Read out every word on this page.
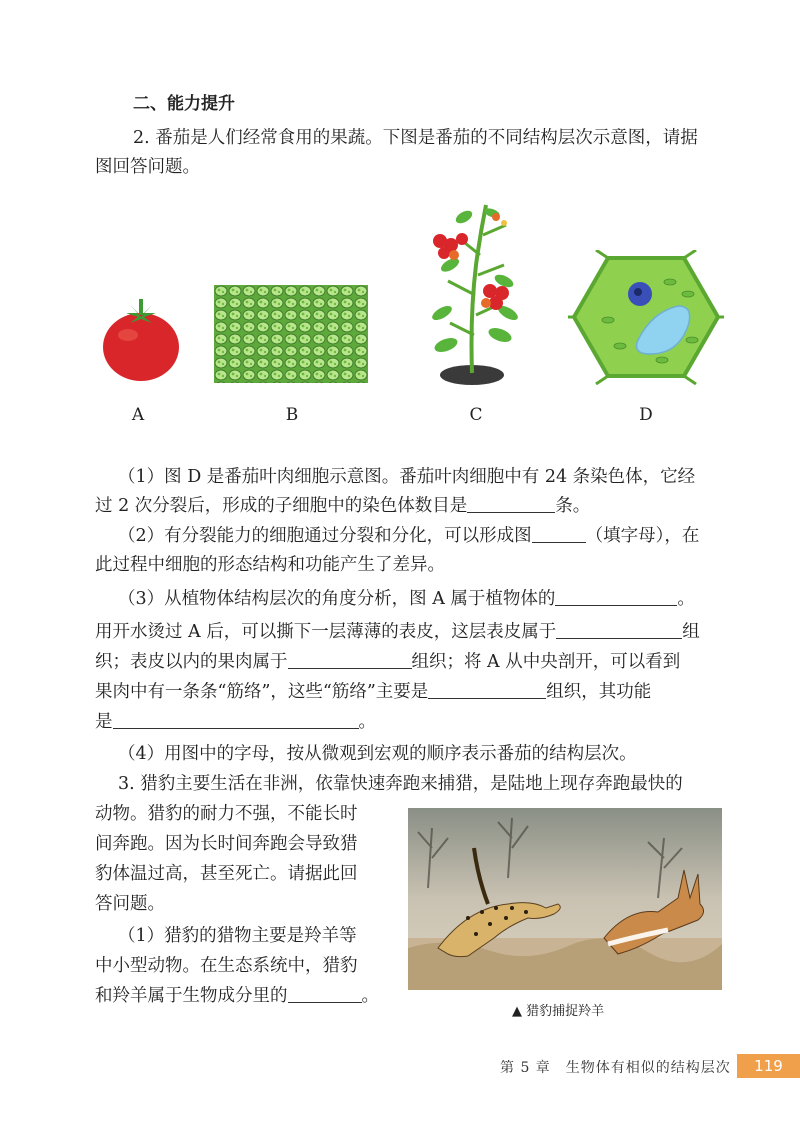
二、能力提升
2. 番茄是人们经常食用的果蔬。下图是番茄的不同结构层次示意图，请据
图回答问题。
A	B	C	D
（1）图 D 是番茄叶肉细胞示意图。番茄叶肉细胞中有 24 条染色体，它经
过 2 次分裂后，形成的子细胞中的染色体数目是	条。
（2）有分裂能力的细胞通过分裂和分化，可以形成图	（填字母），在
此过程中细胞的形态结构和功能产生了差异。
（3）从植物体结构层次的角度分析，图 A 属于植物体的	。
用开水烫过 A 后，可以撕下一层薄薄的表皮，这层表皮属于	组
织；表皮以内的果肉属于	组织；将 A 从中央剖开，可以看到
果肉中有一条条“筋络”，这些“筋络”主要是	组织，其功能
是	。
（4）用图中的字母，按从微观到宏观的顺序表示番茄的结构层次。
3. 猎豹主要生活在非洲，依靠快速奔跑来捕猎，是陆地上现存奔跑最快的
动物。猎豹的耐力不强，不能长时
间奔跑。因为长时间奔跑会导致猎
豹体温过高，甚至死亡。请据此回
答问题。
（1）猎豹的猎物主要是羚羊等
中小型动物。在生态系统中，猎豹
和羚羊属于生物成分里的	。
▲ 猎豹捕捉羚羊
第 5 章　生物体有相似的结构层次	119
